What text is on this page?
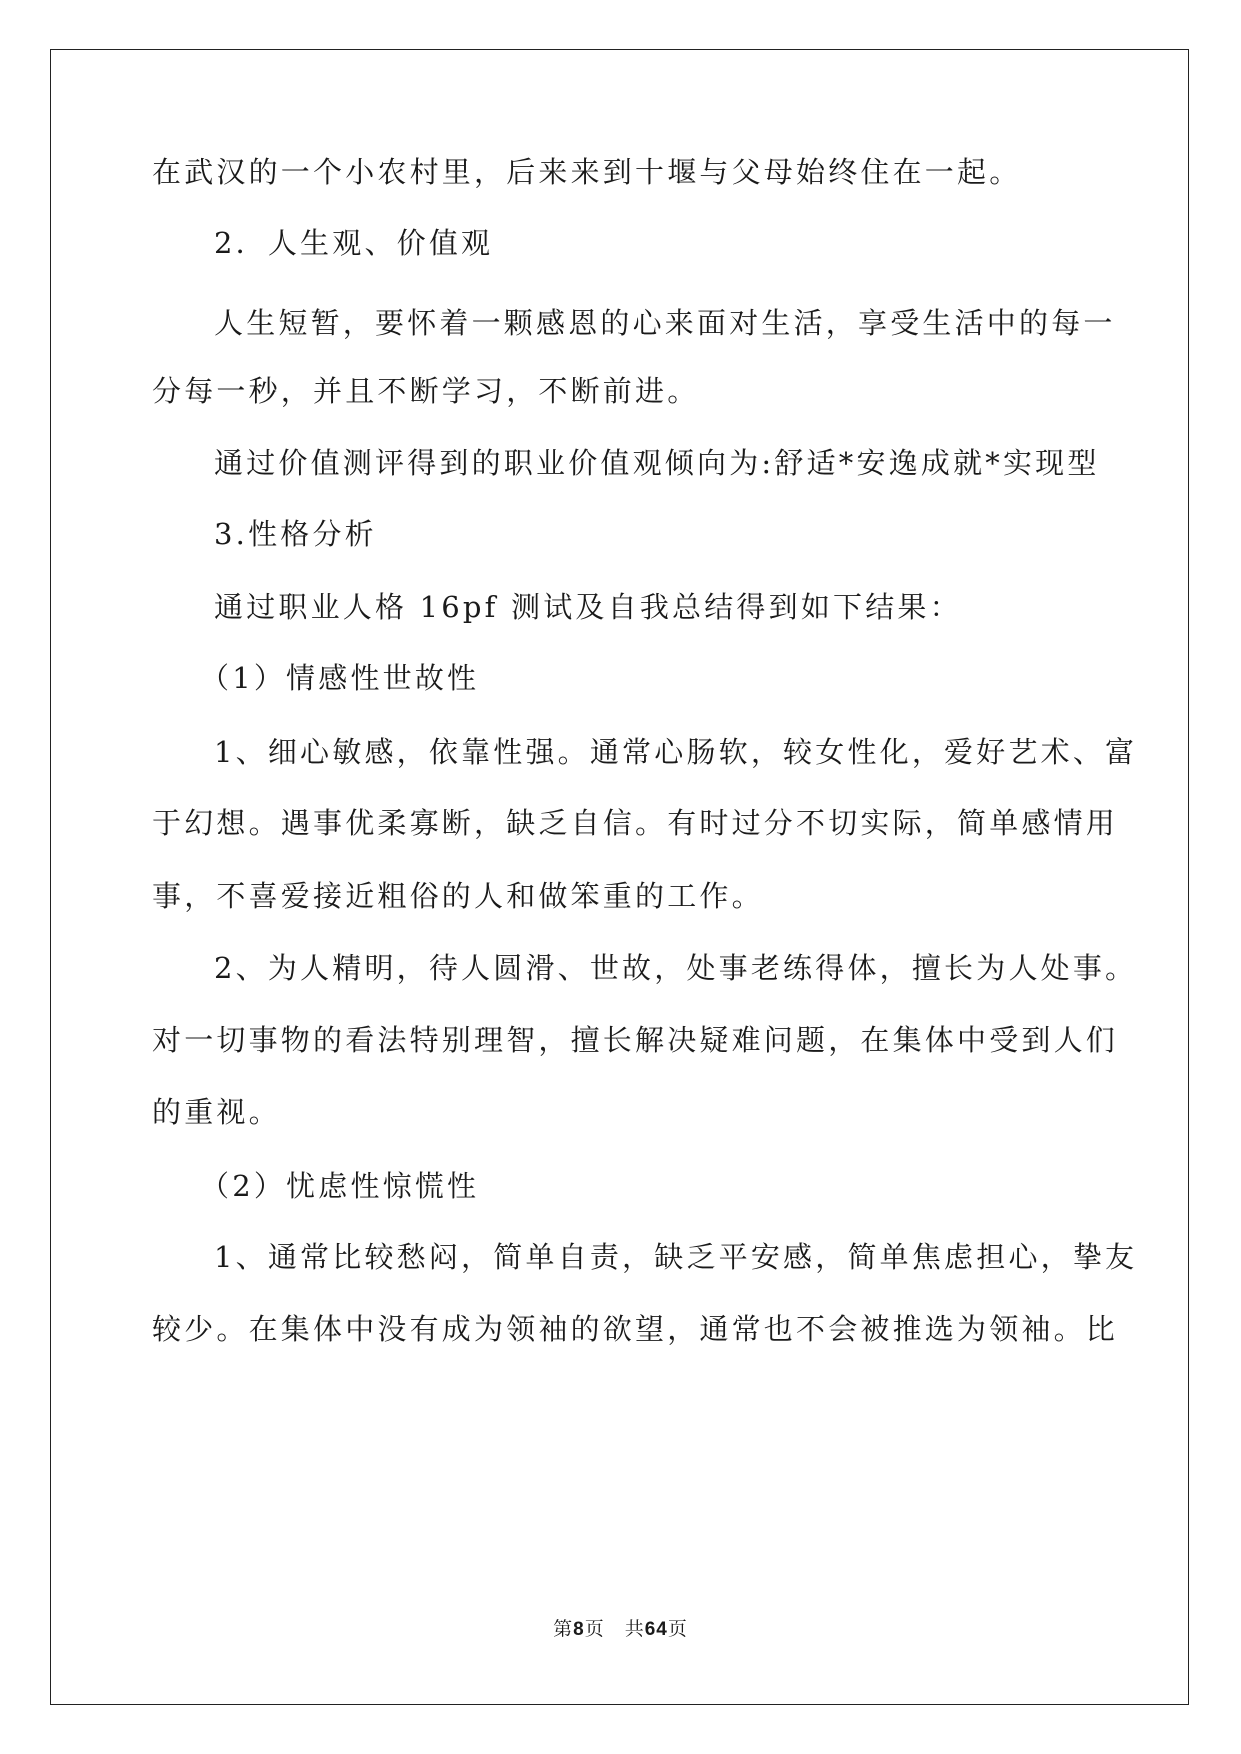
在武汉的一个小农村里，后来来到十堰与父母始终住在一起。
2．人生观、价值观
人生短暂，要怀着一颗感恩的心来面对生活，享受生活中的每一
分每一秒，并且不断学习，不断前进。
通过价值测评得到的职业价值观倾向为:舒适*安逸成就*实现型
3.性格分析
通过职业人格 16pf 测试及自我总结得到如下结果：
（1）情感性世故性
1、细心敏感，依靠性强。通常心肠软，较女性化，爱好艺术、富
于幻想。遇事优柔寡断，缺乏自信。有时过分不切实际，简单感情用
事，不喜爱接近粗俗的人和做笨重的工作。
2、为人精明，待人圆滑、世故，处事老练得体，擅长为人处事。
对一切事物的看法特别理智，擅长解决疑难问题，在集体中受到人们
的重视。
（2）忧虑性惊慌性
1、通常比较愁闷，简单自责，缺乏平安感，简单焦虑担心，挚友
较少。在集体中没有成为领袖的欲望，通常也不会被推选为领袖。比
第8页　共64页
